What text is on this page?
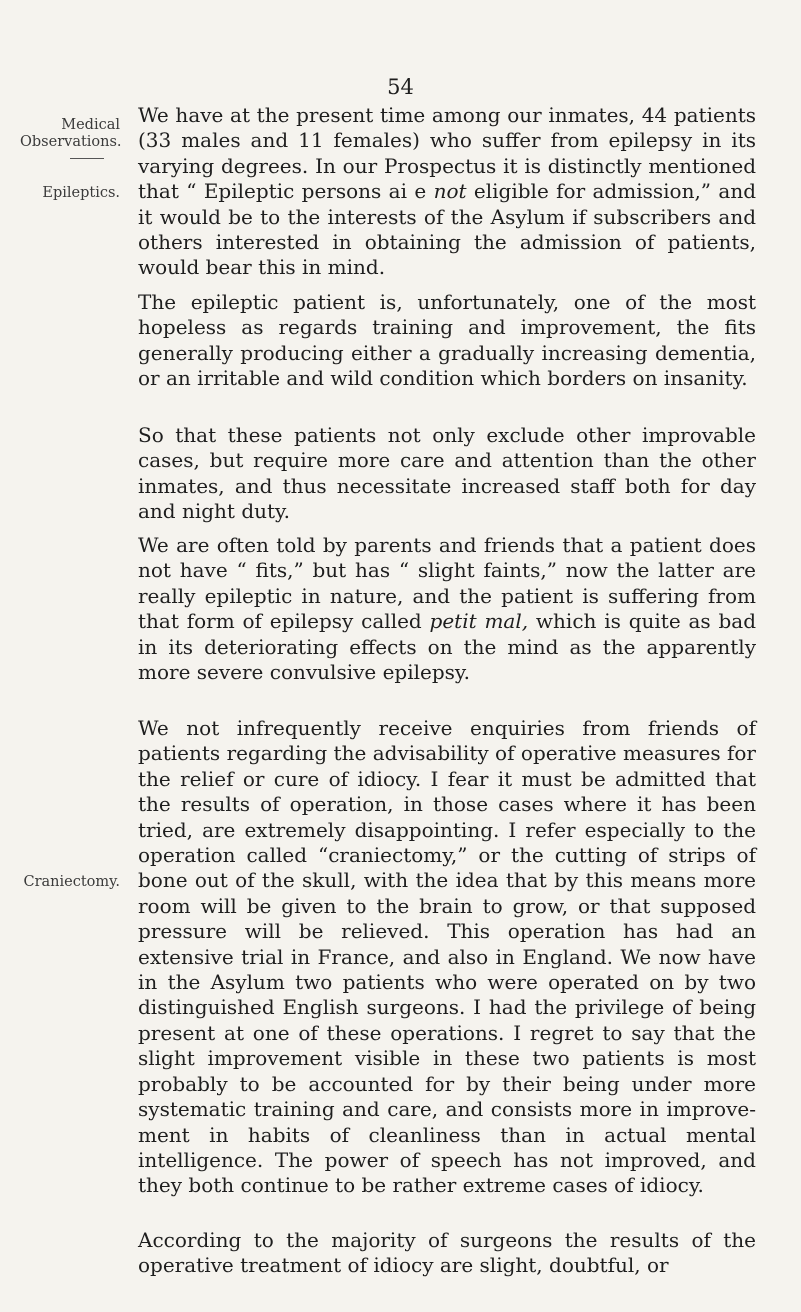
54
Medical Observations.
Epileptics.
Craniectomy.

We have at the present time among our inmates, 44 patients (33 males and 11 females) who suffer from epilepsy in its varying degrees. In our Prospectus it is distinctly mentioned that “ Epileptic persons ai e not eligible for admission,” and it would be to the interests of the Asylum if subscribers and others interested in obtaining the admission of patients, would bear this in mind.

The epileptic patient is, unfortunately, one of the most hopeless as regards training and improvement, the fits generally producing either a gradually increasing dementia, or an irritable and wild condition which borders on insanity.

So that these patients not only exclude other improvable cases, but require more care and attention than the other inmates, and thus necessitate increased staff both for day and night duty.

We are often told by parents and friends that a patient does not have “ fits,” but has “ slight faints,” now the latter are really epileptic in nature, and the patient is suffering from that form of epilepsy called petit mal, which is quite as bad in its deteriorating effects on the mind as the apparently more severe convulsive epilepsy.

We not infrequently receive enquiries from friends of patients regarding the advisability of operative measures for the relief or cure of idiocy. I fear it must be admitted that the results of operation, in those cases where it has been tried, are extremely disappointing. I refer especially to the operation called “craniectomy,” or the cutting of strips of bone out of the skull, with the idea that by this means more room will be given to the brain to grow, or that supposed pressure will be relieved. This operation has had an extensive trial in France, and also in England. We now have in the Asylum two patients who were operated on by two distinguished English surgeons. I had the privilege of being present at one of these operations. I regret to say that the slight improvement visible in these two patients is most probably to be accounted for by their being under more systematic training and care, and consists more in improvement in habits of cleanliness than in actual mental intelligence. The power of speech has not improved, and they both continue to be rather extreme cases of idiocy.

According to the majority of surgeons the results of the operative treatment of idiocy are slight, doubtful, or
